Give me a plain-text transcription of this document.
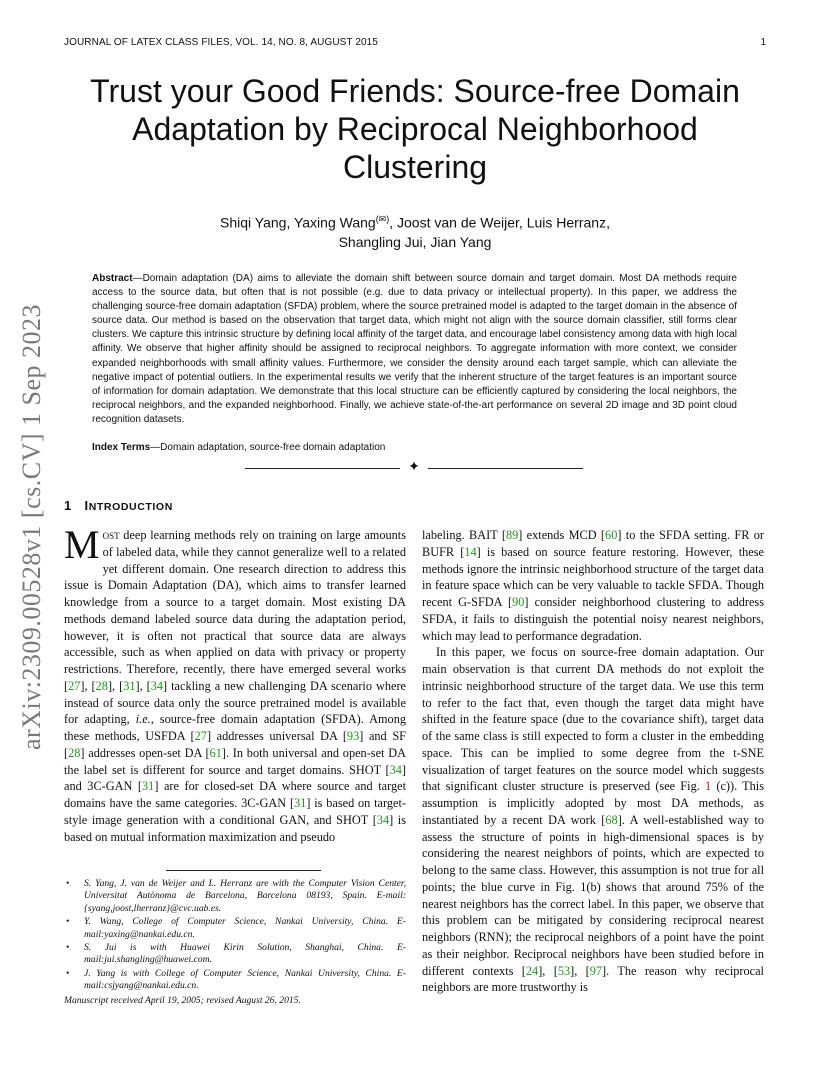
JOURNAL OF LATEX CLASS FILES, VOL. 14, NO. 8, AUGUST 2015	1
arXiv:2309.00528v1 [cs.CV] 1 Sep 2023
Trust your Good Friends: Source-free Domain Adaptation by Reciprocal Neighborhood Clustering
Shiqi Yang, Yaxing Wang(✉), Joost van de Weijer, Luis Herranz,
Shangling Jui, Jian Yang

Abstract—Domain adaptation (DA) aims to alleviate the domain shift between source domain and target domain. Most DA methods require access to the source data, but often that is not possible (e.g. due to data privacy or intellectual property). In this paper, we address the challenging source-free domain adaptation (SFDA) problem, where the source pretrained model is adapted to the target domain in the absence of source data. Our method is based on the observation that target data, which might not align with the source domain classifier, still forms clear clusters. We capture this intrinsic structure by defining local affinity of the target data, and encourage label consistency among data with high local affinity. We observe that higher affinity should be assigned to reciprocal neighbors. To aggregate information with more context, we consider expanded neighborhoods with small affinity values. Furthermore, we consider the density around each target sample, which can alleviate the negative impact of potential outliers. In the experimental results we verify that the inherent structure of the target features is an important source of information for domain adaptation. We demonstrate that this local structure can be efficiently captured by considering the local neighbors, the reciprocal neighbors, and the expanded neighborhood. Finally, we achieve state-of-the-art performance on several 2D image and 3D point cloud recognition datasets.

Index Terms—Domain adaptation, source-free domain adaptation

✦
1 INTRODUCTION

Most deep learning methods rely on training on large amounts of labeled data, while they cannot generalize well to a related yet different domain. One research direction to address this issue is Domain Adaptation (DA), which aims to transfer learned knowledge from a source to a target domain. Most existing DA methods demand labeled source data during the adaptation period, however, it is often not practical that source data are always accessible, such as when applied on data with privacy or property restrictions. Therefore, recently, there have emerged several works [27], [28], [31], [34] tackling a new challenging DA scenario where instead of source data only the source pretrained model is available for adapting, i.e., source-free domain adaptation (SFDA). Among these methods, USFDA [27] addresses universal DA [93] and SF [28] addresses open-set DA [61]. In both universal and open-set DA the label set is different for source and target domains. SHOT [34] and 3C-GAN [31] are for closed-set DA where source and target domains have the same categories. 3C-GAN [31] is based on target-style image generation with a conditional GAN, and SHOT [34] is based on mutual information maximization and pseudo

labeling. BAIT [89] extends MCD [60] to the SFDA setting. FR or BUFR [14] is based on source feature restoring. However, these methods ignore the intrinsic neighborhood structure of the target data in feature space which can be very valuable to tackle SFDA. Though recent G-SFDA [90] consider neighborhood clustering to address SFDA, it fails to distinguish the potential noisy nearest neighbors, which may lead to performance degradation.

In this paper, we focus on source-free domain adaptation. Our main observation is that current DA methods do not exploit the intrinsic neighborhood structure of the target data. We use this term to refer to the fact that, even though the target data might have shifted in the feature space (due to the covariance shift), target data of the same class is still expected to form a cluster in the embedding space. This can be implied to some degree from the t-SNE visualization of target features on the source model which suggests that significant cluster structure is preserved (see Fig. 1 (c)). This assumption is implicitly adopted by most DA methods, as instantiated by a recent DA work [68]. A well-established way to assess the structure of points in high-dimensional spaces is by considering the nearest neighbors of points, which are expected to belong to the same class. However, this assumption is not true for all points; the blue curve in Fig. 1(b) shows that around 75% of the nearest neighbors has the correct label. In this paper, we observe that this problem can be mitigated by considering reciprocal nearest neighbors (RNN); the reciprocal neighbors of a point have the point as their neighbor. Reciprocal neighbors have been studied before in different contexts [24], [53], [97]. The reason why reciprocal neighbors are more trustworthy is

• S. Yang, J. van de Weijer and L. Herranz are with the Computer Vision Center, Universitat Autònoma de Barcelona, Barcelona 08193, Spain. E-mail: {syang,joost,lherranz}@cvc.uab.es.
• Y. Wang, College of Computer Science, Nankai University, China. E-mail:yaxing@nankai.edu.cn.
• S. Jui is with Huawei Kirin Solution, Shanghai, China. E-mail:jui.shangling@huawei.com.
• J. Yang is with College of Computer Science, Nankai University, China. E-mail:csjyang@nankai.edu.cn.

Manuscript received April 19, 2005; revised August 26, 2015.
